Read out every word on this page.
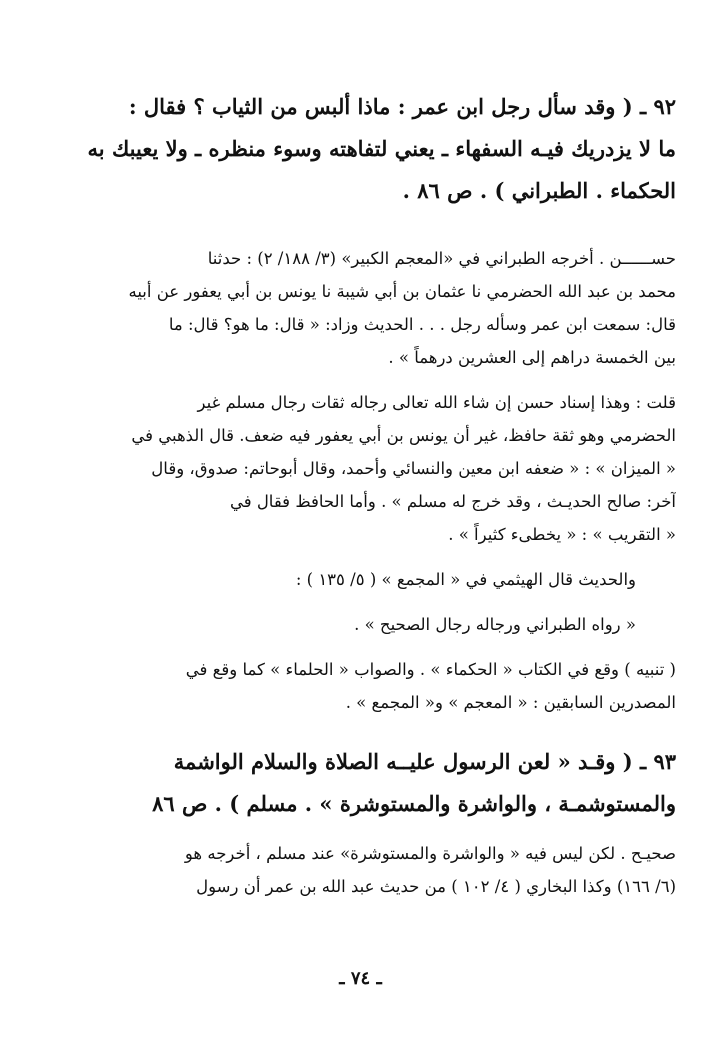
٩٢ ـ ( وقد سأل رجل ابن عمر : ماذا ألبس من الثياب ؟ فقال :
ما لا يزدريك فيـه السفهاء ـ يعني لتفاهته وسوء منظره ـ ولا يعيبك به
الحكماء . الطبراني ) . ص ٨٦ .
حســــــن . أخرجه الطبراني في «المعجم الكبير» (٣/ ١٨٨/ ٢) : حدثنا
محمد بن عبد الله الحضرمي نا عثمان بن أبي شيبة نا يونس بن أبي يعفور عن أبيه
قال: سمعت ابن عمر وسأله رجل . . . الحديث وزاد: « قال: ما هو؟ قال: ما
بين الخمسة دراهم إلى العشرين درهماً » .
قلت : وهذا إسناد حسن إن شاء الله تعالى رجاله ثقات رجال مسلم غير
الحضرمي وهو ثقة حافظ، غير أن يونس بن أبي يعفور فيه ضعف. قال الذهبي في
« الميزان » : « ضعفه ابن معين والنسائي وأحمد، وقال أبوحاتم: صدوق، وقال
آخر: صالح الحديـث ، وقد خرج له مسلم » . وأما الحافظ فقال في
« التقريب » : « يخطىء كثيراً » .
والحديث قال الهيثمي في « المجمع » ( ٥/ ١٣٥ ) :
« رواه الطبراني ورجاله رجال الصحيح » .
( تنبيه ) وقع في الكتاب « الحكماء » . والصواب « الحلماء » كما وقع في
المصدرين السابقين : « المعجم » و« المجمع » .
٩٣ ـ ( وقـد « لعن الرسول عليــه الصلاة والسلام الواشمة
والمستوشمـة ، والواشرة والمستوشرة » . مسلم ) . ص ٨٦
صحيـح . لكن ليس فيه « والواشرة والمستوشرة» عند مسلم ، أخرجه هو
(٦/ ١٦٦) وكذا البخاري ( ٤/ ١٠٢ ) من حديث عبد الله بن عمر أن رسول
ـ ٧٤ ـ
